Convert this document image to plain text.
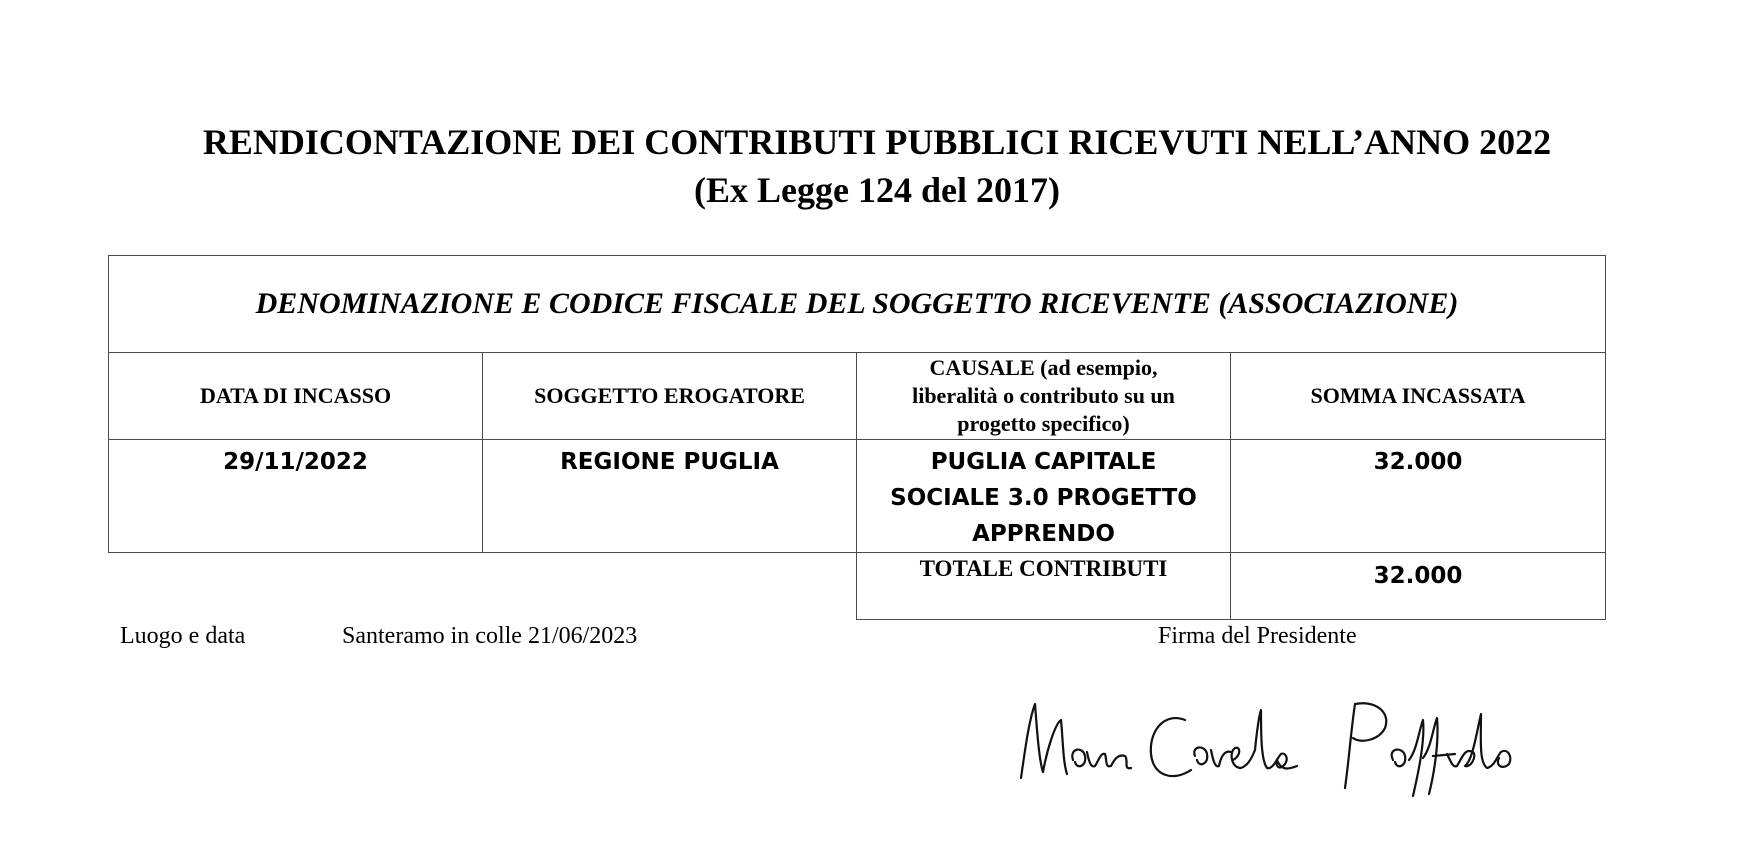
RENDICONTAZIONE DEI CONTRIBUTI PUBBLICI RICEVUTI NELL’ANNO 2022
(Ex Legge 124 del 2017)
DENOMINAZIONE E CODICE FISCALE DEL SOGGETTO RICEVENTE (ASSOCIAZIONE)			
DATA DI INCASSO	SOGGETTO EROGATORE	CAUSALE (ad esempio, liberalità o contributo su un progetto specifico)	SOMMA INCASSATA
29/11/2022	REGIONE PUGLIA	PUGLIA CAPITALE SOCIALE 3.0 PROGETTO APPRENDO	32.000
		TOTALE CONTRIBUTI	32.000
Luogo e data	Santeramo in colle 21/06/2023	Firma del Presidente
